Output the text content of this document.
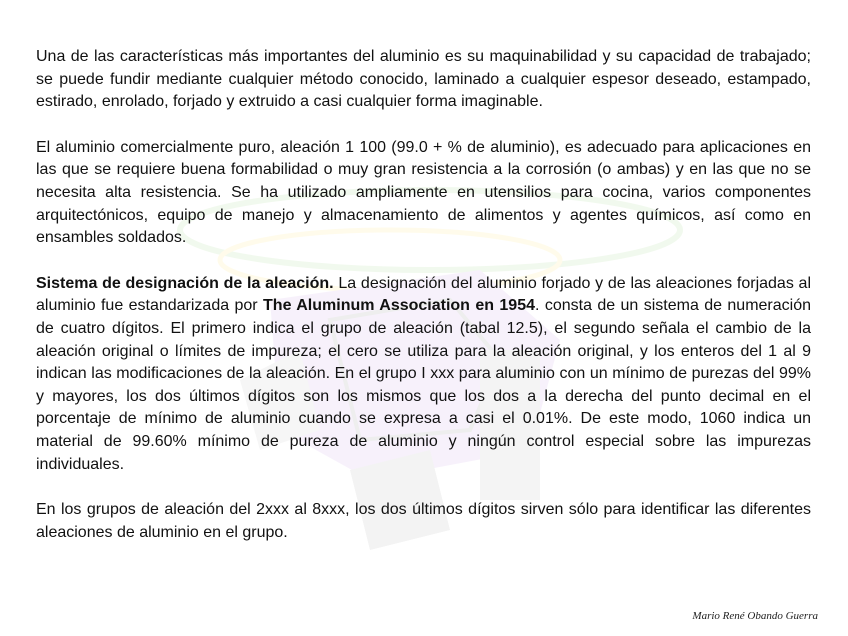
Una de las características más importantes del aluminio es su maquinabilidad y su capacidad de trabajado; se puede fundir mediante cualquier método conocido, laminado a cualquier espesor deseado, estampado, estirado, enrolado, forjado y extruido a casi cualquier forma imaginable.

El aluminio comercialmente puro, aleación 1 100 (99.0 + % de aluminio), es adecuado para aplicaciones en las que se requiere buena formabilidad o muy gran resistencia a la corrosión (o ambas) y en las que no se necesita alta resistencia. Se ha utilizado ampliamente en utensilios para cocina, varios componentes arquitectónicos, equipo de manejo y almacenamiento de alimentos y agentes químicos, así como en ensambles soldados.

Sistema de designación de la aleación. La designación del aluminio forjado y de las aleaciones forjadas al aluminio fue estandarizada por The Aluminum Association en 1954. consta de un sistema de numeración de cuatro dígitos. El primero indica el grupo de aleación (tabal 12.5), el segundo señala el cambio de la aleación original o límites de impureza; el cero se utiliza para la aleación original, y los enteros del 1 al 9 indican las modificaciones de la aleación. En el grupo I xxx para aluminio con un mínimo de purezas del 99% y mayores, los dos últimos dígitos son los mismos que los dos a la derecha del punto decimal en el porcentaje de mínimo de aluminio cuando se expresa a casi el 0.01%. De este modo, 1060 indica un material de 99.60% mínimo de pureza de aluminio y ningún control especial sobre las impurezas individuales.

En los grupos de aleación del 2xxx al 8xxx, los dos últimos dígitos sirven sólo para identificar las diferentes aleaciones de aluminio en el grupo.

Mario René Obando Guerra
